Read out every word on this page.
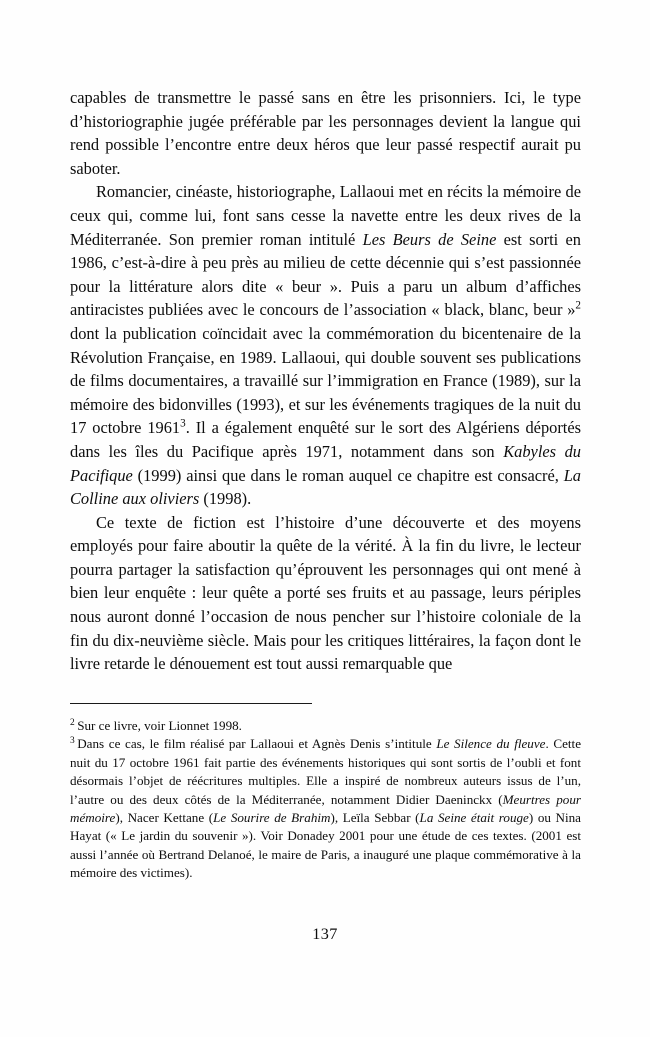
capables de transmettre le passé sans en être les prisonniers. Ici, le type d’historiographie jugée préférable par les personnages devient la langue qui rend possible l’encontre entre deux héros que leur passé respectif aurait pu saboter.

Romancier, cinéaste, historiographe, Lallaoui met en récits la mémoire de ceux qui, comme lui, font sans cesse la navette entre les deux rives de la Méditerranée. Son premier roman intitulé Les Beurs de Seine est sorti en 1986, c’est-à-dire à peu près au milieu de cette décennie qui s’est passionnée pour la littérature alors dite « beur ». Puis a paru un album d’affiches antiracistes publiées avec le concours de l’association « black, blanc, beur »$^2$ dont la publication coïncidait avec la commémoration du bicentenaire de la Révolution Française, en 1989. Lallaoui, qui double souvent ses publications de films documentaires, a travaillé sur l’immigration en France (1989), sur la mémoire des bidonvilles (1993), et sur les événements tragiques de la nuit du 17 octobre 1961$^3$. Il a également enquêté sur le sort des Algériens déportés dans les îles du Pacifique après 1971, notamment dans son Kabyles du Pacifique (1999) ainsi que dans le roman auquel ce chapitre est consacré, La Colline aux oliviers (1998).

Ce texte de fiction est l’histoire d’une découverte et des moyens employés pour faire aboutir la quête de la vérité. À la fin du livre, le lecteur pourra partager la satisfaction qu’éprouvent les personnages qui ont mené à bien leur enquête : leur quête a porté ses fruits et au passage, leurs périples nous auront donné l’occasion de nous pencher sur l’histoire coloniale de la fin du dix-neuvième siècle. Mais pour les critiques littéraires, la façon dont le livre retarde le dénouement est tout aussi remarquable que

$^2$ Sur ce livre, voir Lionnet 1998.

$^3$ Dans ce cas, le film réalisé par Lallaoui et Agnès Denis s’intitule Le Silence du fleuve. Cette nuit du 17 octobre 1961 fait partie des événements historiques qui sont sortis de l’oubli et font désormais l’objet de réécritures multiples. Elle a inspiré de nombreux auteurs issus de l’un, l’autre ou des deux côtés de la Méditerranée, notamment Didier Daeninckx (Meurtres pour mémoire), Nacer Kettane (Le Sourire de Brahim), Leïla Sebbar (La Seine était rouge) ou Nina Hayat (« Le jardin du souvenir »). Voir Donadey 2001 pour une étude de ces textes. (2001 est aussi l’année où Bertrand Delanoé, le maire de Paris, a inauguré une plaque commémorative à la mémoire des victimes).

137
